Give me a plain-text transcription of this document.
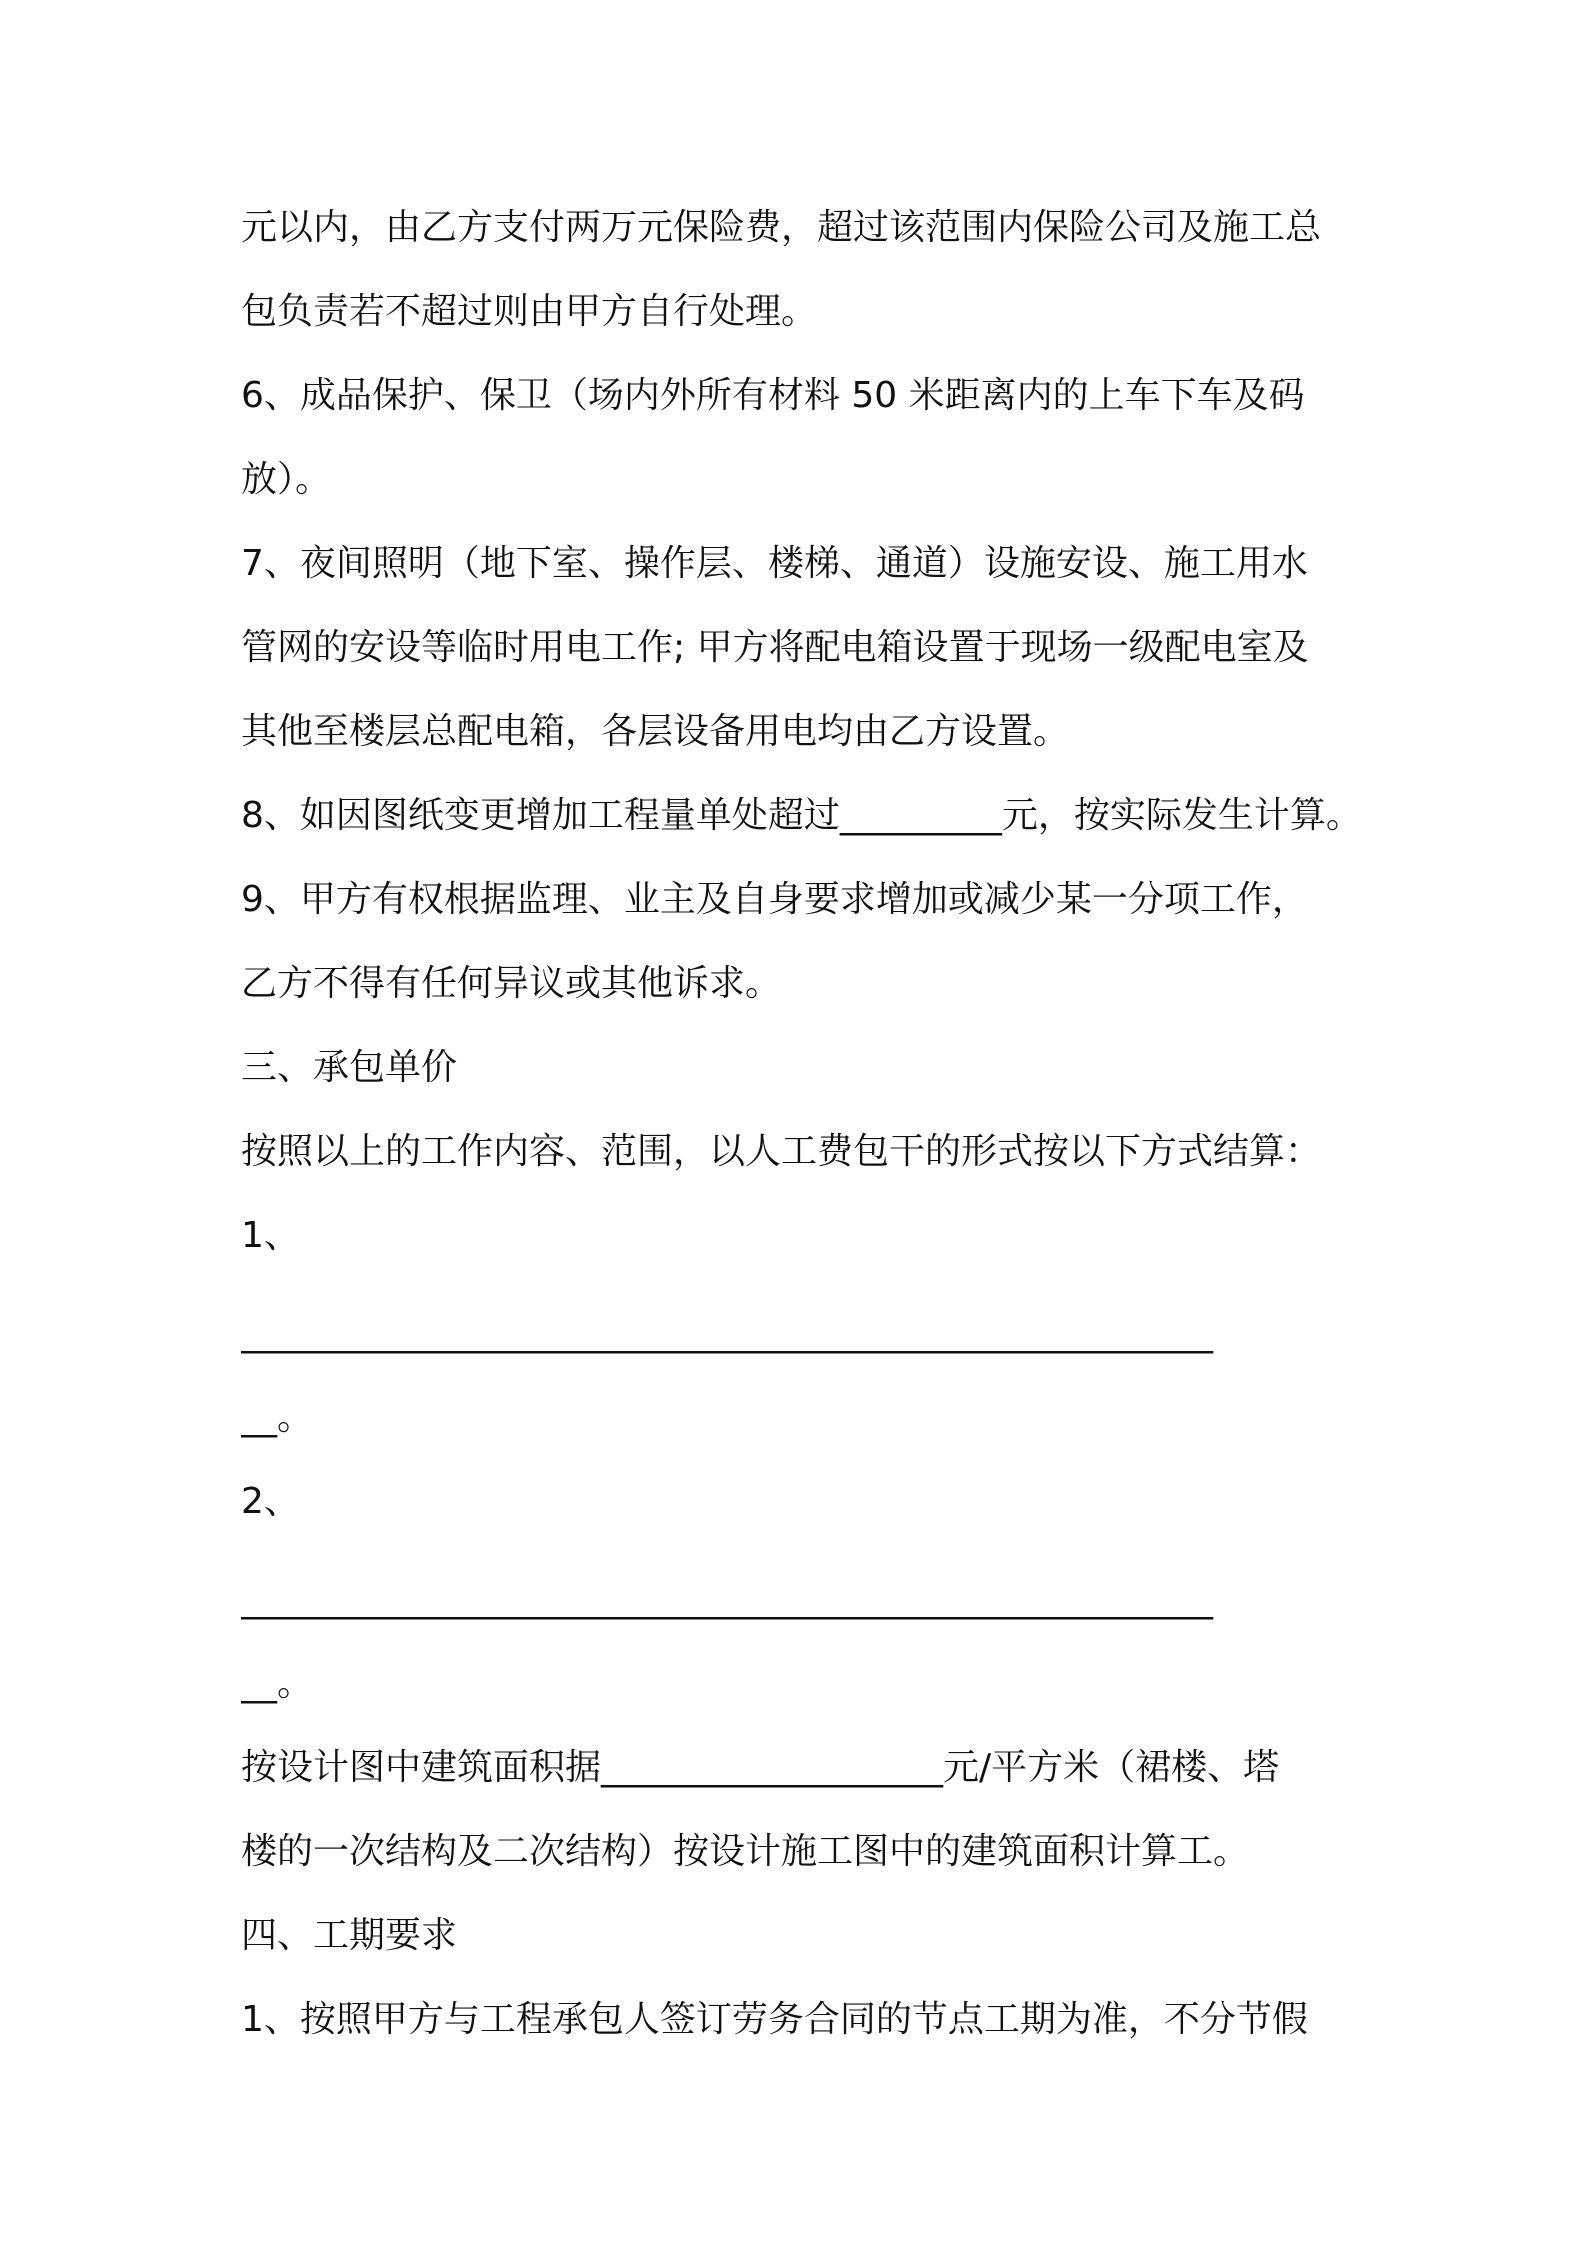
元以内，由乙方支付两万元保险费，超过该范围内保险公司及施工总
包负责若不超过则由甲方自行处理。
6、成品保护、保卫（场内外所有材料 50 米距离内的上车下车及码
放）。
7、夜间照明（地下室、操作层、楼梯、通道）设施安设、施工用水
管网的安设等临时用电工作; 甲方将配电箱设置于现场一级配电室及
其他至楼层总配电箱，各层设备用电均由乙方设置。
8、如因图纸变更增加工程量单处超过_________元，按实际发生计算。
9、甲方有权根据监理、业主及自身要求增加或减少某一分项工作，
乙方不得有任何异议或其他诉求。
三、承包单价
按照以上的工作内容、范围，以人工费包干的形式按以下方式结算：
1、
______________________________________________________
__。
2、
______________________________________________________
__。
按设计图中建筑面积据___________________元/平方米（裙楼、塔
楼的一次结构及二次结构）按设计施工图中的建筑面积计算工。
四、工期要求
1、按照甲方与工程承包人签订劳务合同的节点工期为准，不分节假
